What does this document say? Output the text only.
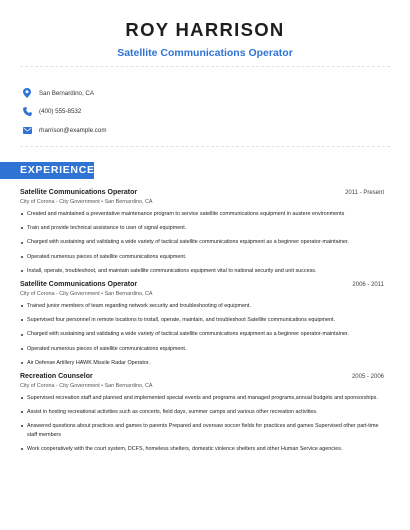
ROY HARRISON
Satellite Communications Operator
San Bernardino, CA
(400) 555-8532
rharrison@example.com
EXPERIENCE
Satellite Communications Operator	2011 - Present
City of Corona - City Government • San Bernardino, CA
Created and maintained a preventative maintenance program to service satellite communications equipment in austere environments
Train and provide technical assistance to user of signal equipment.
Charged with sustaining and validating a wide variety of tactical satellite communications equipment as a beginner operator-maintainer.
Operated numerous pieces of satellite communications equipment.
Install, operate, troubleshoot, and maintain satellite communications equipment vital to national security and unit success.
Satellite Communications Operator	2006 - 2011
City of Corona - City Government • San Bernardino, CA
Trained junior members of team regarding network security and troubleshooting of equipment.
Supervised four personnel in remote locations to install, operate, maintain, and troubleshoot Satellite communications equipment.
Charged with sustaining and validating a wide variety of tactical satellite communications equipment as a beginner operator-maintainer.
Operated numerous pieces of satellite communications equipment.
Air Defense Artillery HAWK Missile Radar Operator.
Recreation Counselor	2005 - 2006
City of Corona - City Government • San Bernardino, CA
Supervised recreation staff and planned and implemented special events and programs and managed programs,annual budgets and sponsorships.
Assist in hosting recreational activities such as concerts, field days, summer camps and various other recreation activities.
Answered questions about practices and games to parents Prepared and oversaw soccer fields for practices and games Supervised other part-time staff members
Work cooperatively with the court system, DCFS, homeless shelters, domestic violence shelters and other Human Service agencies.
